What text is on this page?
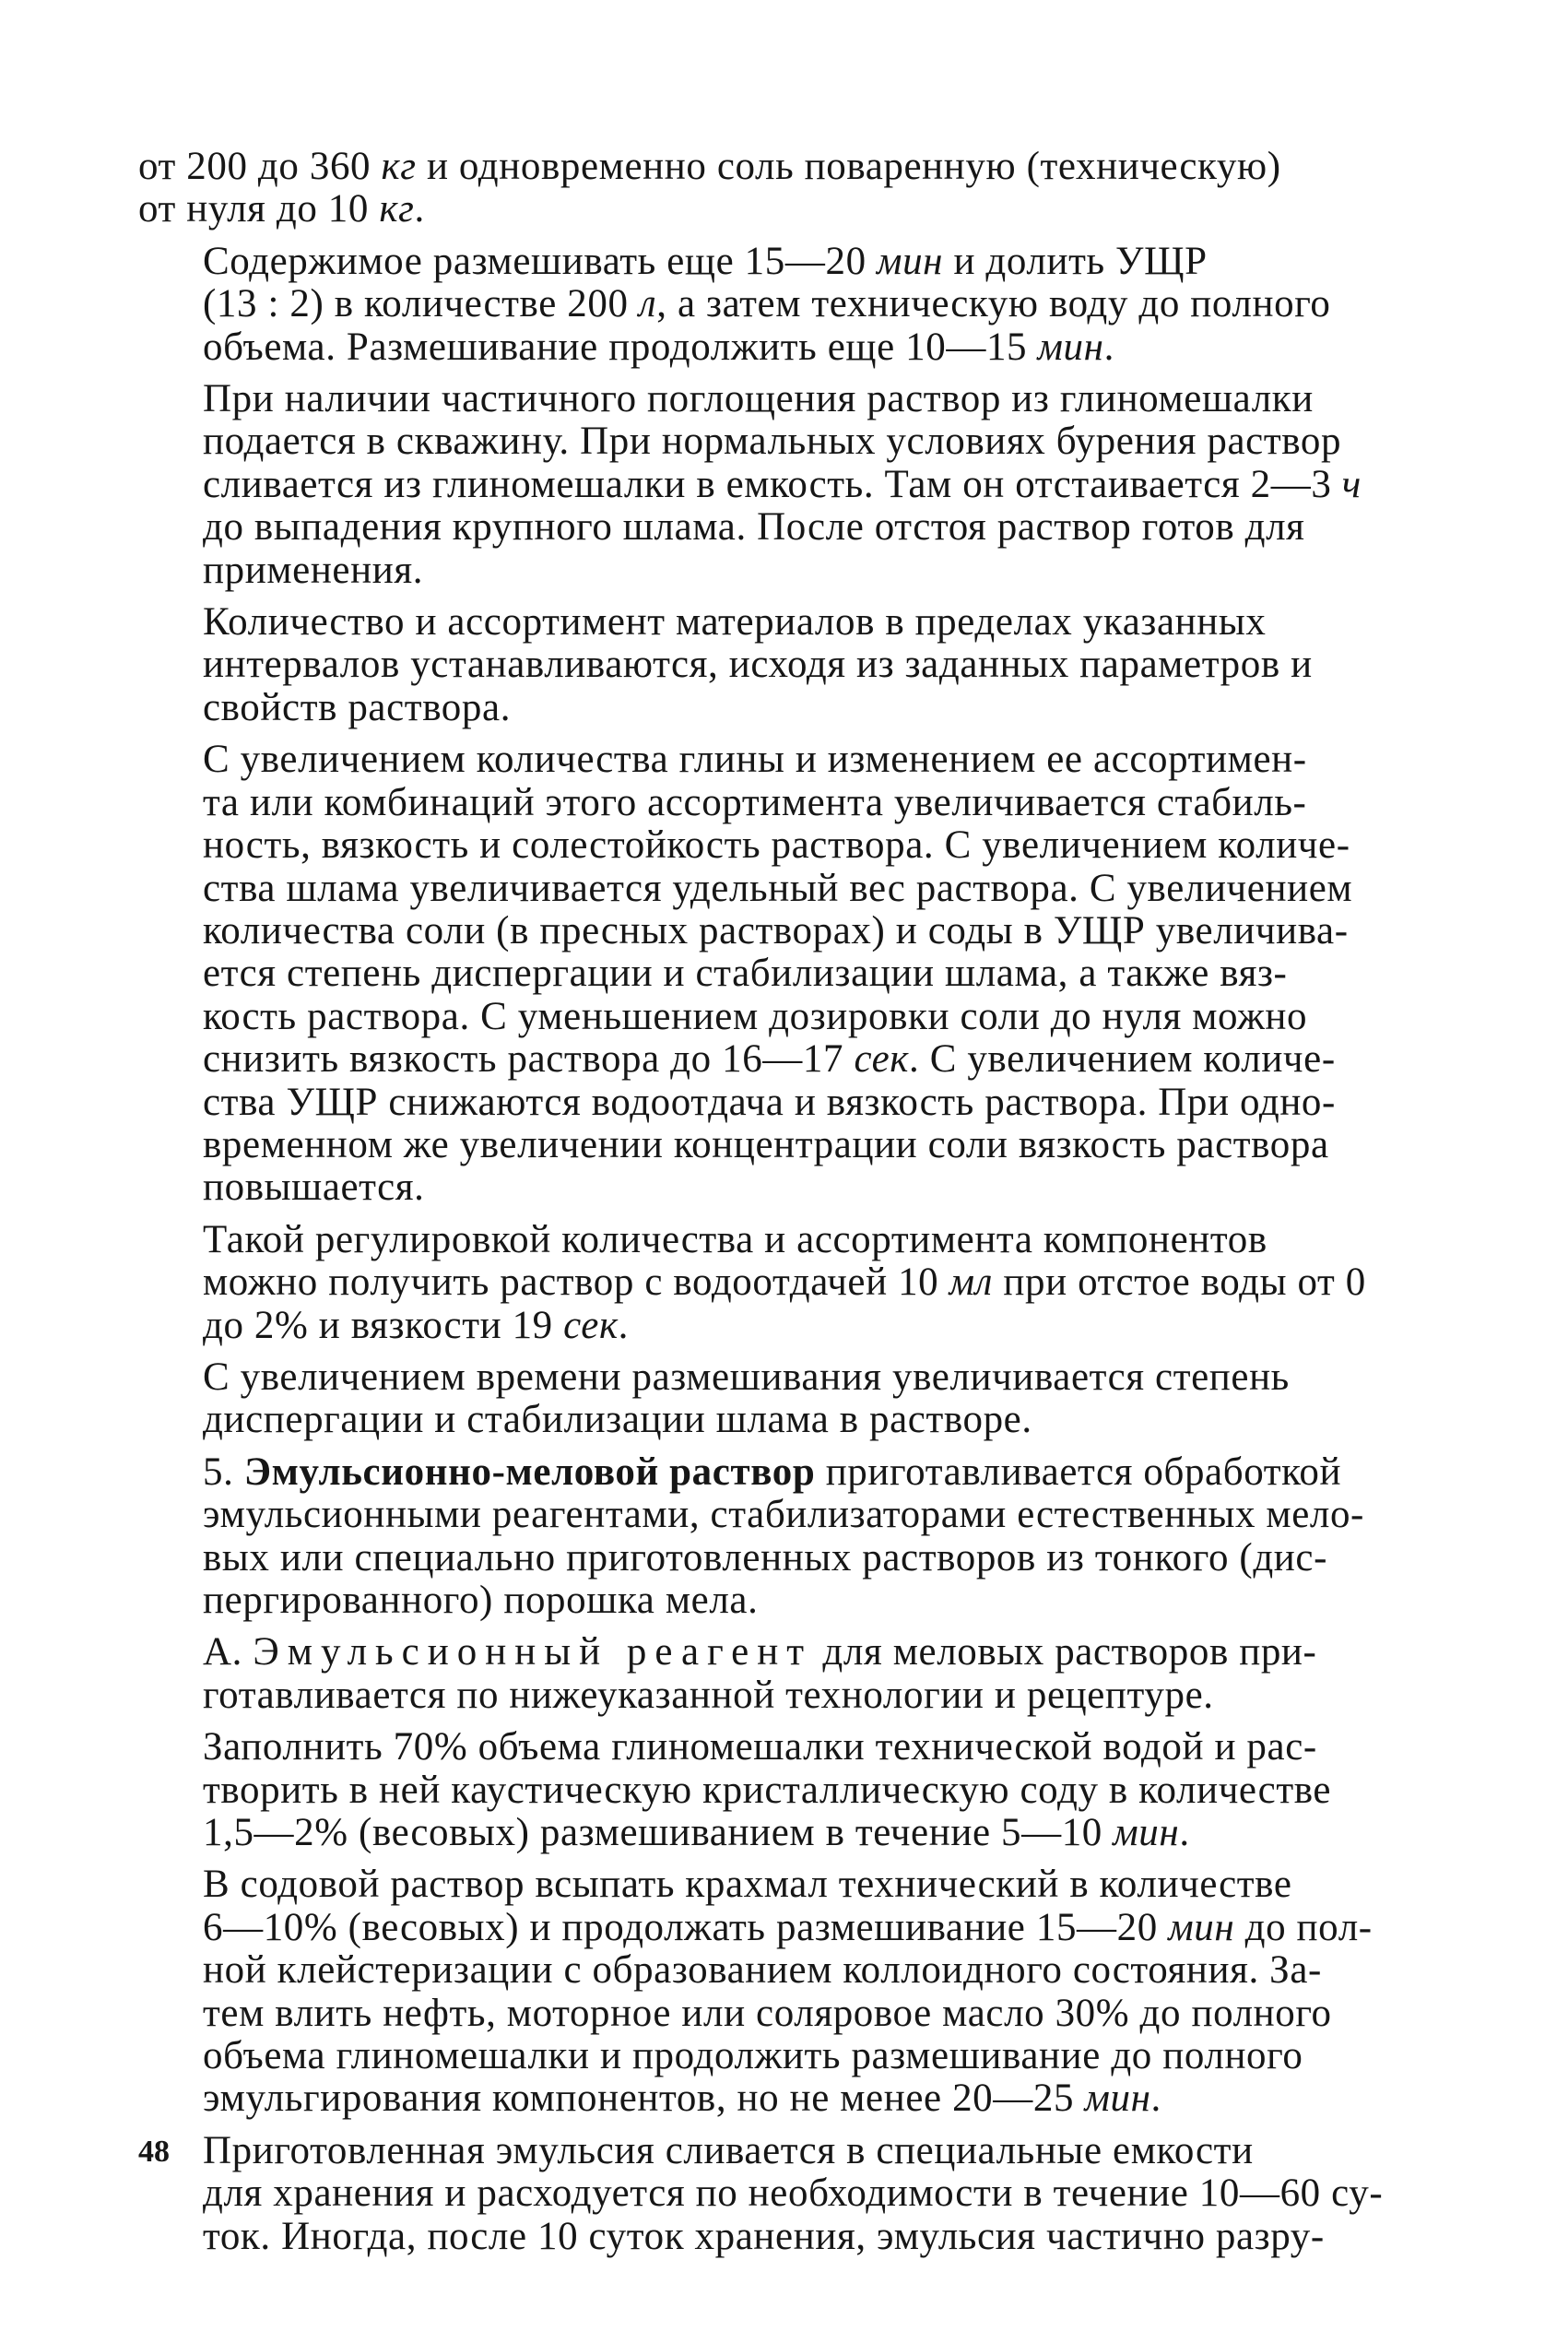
от 200 до 360 кг и одновременно соль поваренную (техническую)
от нуля до 10 кг.

Содержимое размешивать еще 15—20 мин и долить УЩР
(13 : 2) в количестве 200 л, а затем техническую воду до полного
объема. Размешивание продолжить еще 10—15 мин.

При наличии частичного поглощения раствор из глиномешалки
подается в скважину. При нормальных условиях бурения раствор
сливается из глиномешалки в емкость. Там он отстаивается 2—3 ч
до выпадения крупного шлама. После отстоя раствор готов для
применения.

Количество и ассортимент материалов в пределах указанных
интервалов устанавливаются, исходя из заданных параметров и
свойств раствора.

С увеличением количества глины и изменением ее ассортимен-
та или комбинаций этого ассортимента увеличивается стабиль-
ность, вязкость и солестойкость раствора. С увеличением количе-
ства шлама увеличивается удельный вес раствора. С увеличением
количества соли (в пресных растворах) и соды в УЩР увеличива-
ется степень диспергации и стабилизации шлама, а также вяз-
кость раствора. С уменьшением дозировки соли до нуля можно
снизить вязкость раствора до 16—17 сек. С увеличением количе-
ства УЩР снижаются водоотдача и вязкость раствора. При одно-
временном же увеличении концентрации соли вязкость раствора
повышается.

Такой регулировкой количества и ассортимента компонентов
можно получить раствор с водоотдачей 10 мл при отстое воды от 0
до 2% и вязкости 19 сек.

С увеличением времени размешивания увеличивается степень
диспергации и стабилизации шлама в растворе.

5. Эмульсионно-меловой раствор приготавливается обработкой
эмульсионными реагентами, стабилизаторами естественных мело-
вых или специально приготовленных растворов из тонкого (дис-
пергированного) порошка мела.

А. Эмульсионный реагент для меловых растворов при-
готавливается по нижеуказанной технологии и рецептуре.

Заполнить 70% объема глиномешалки технической водой и рас-
творить в ней каустическую кристаллическую соду в количестве
1,5—2% (весовых) размешиванием в течение 5—10 мин.

В содовой раствор всыпать крахмал технический в количестве
6—10% (весовых) и продолжать размешивание 15—20 мин до пол-
ной клейстеризации с образованием коллоидного состояния. За-
тем влить нефть, моторное или соляровое масло 30% до полного
объема глиномешалки и продолжить размешивание до полного
эмульгирования компонентов, но не менее 20—25 мин.

Приготовленная эмульсия сливается в специальные емкости
для хранения и расходуется по необходимости в течение 10—60 су-
ток. Иногда, после 10 суток хранения, эмульсия частично разру-

48
